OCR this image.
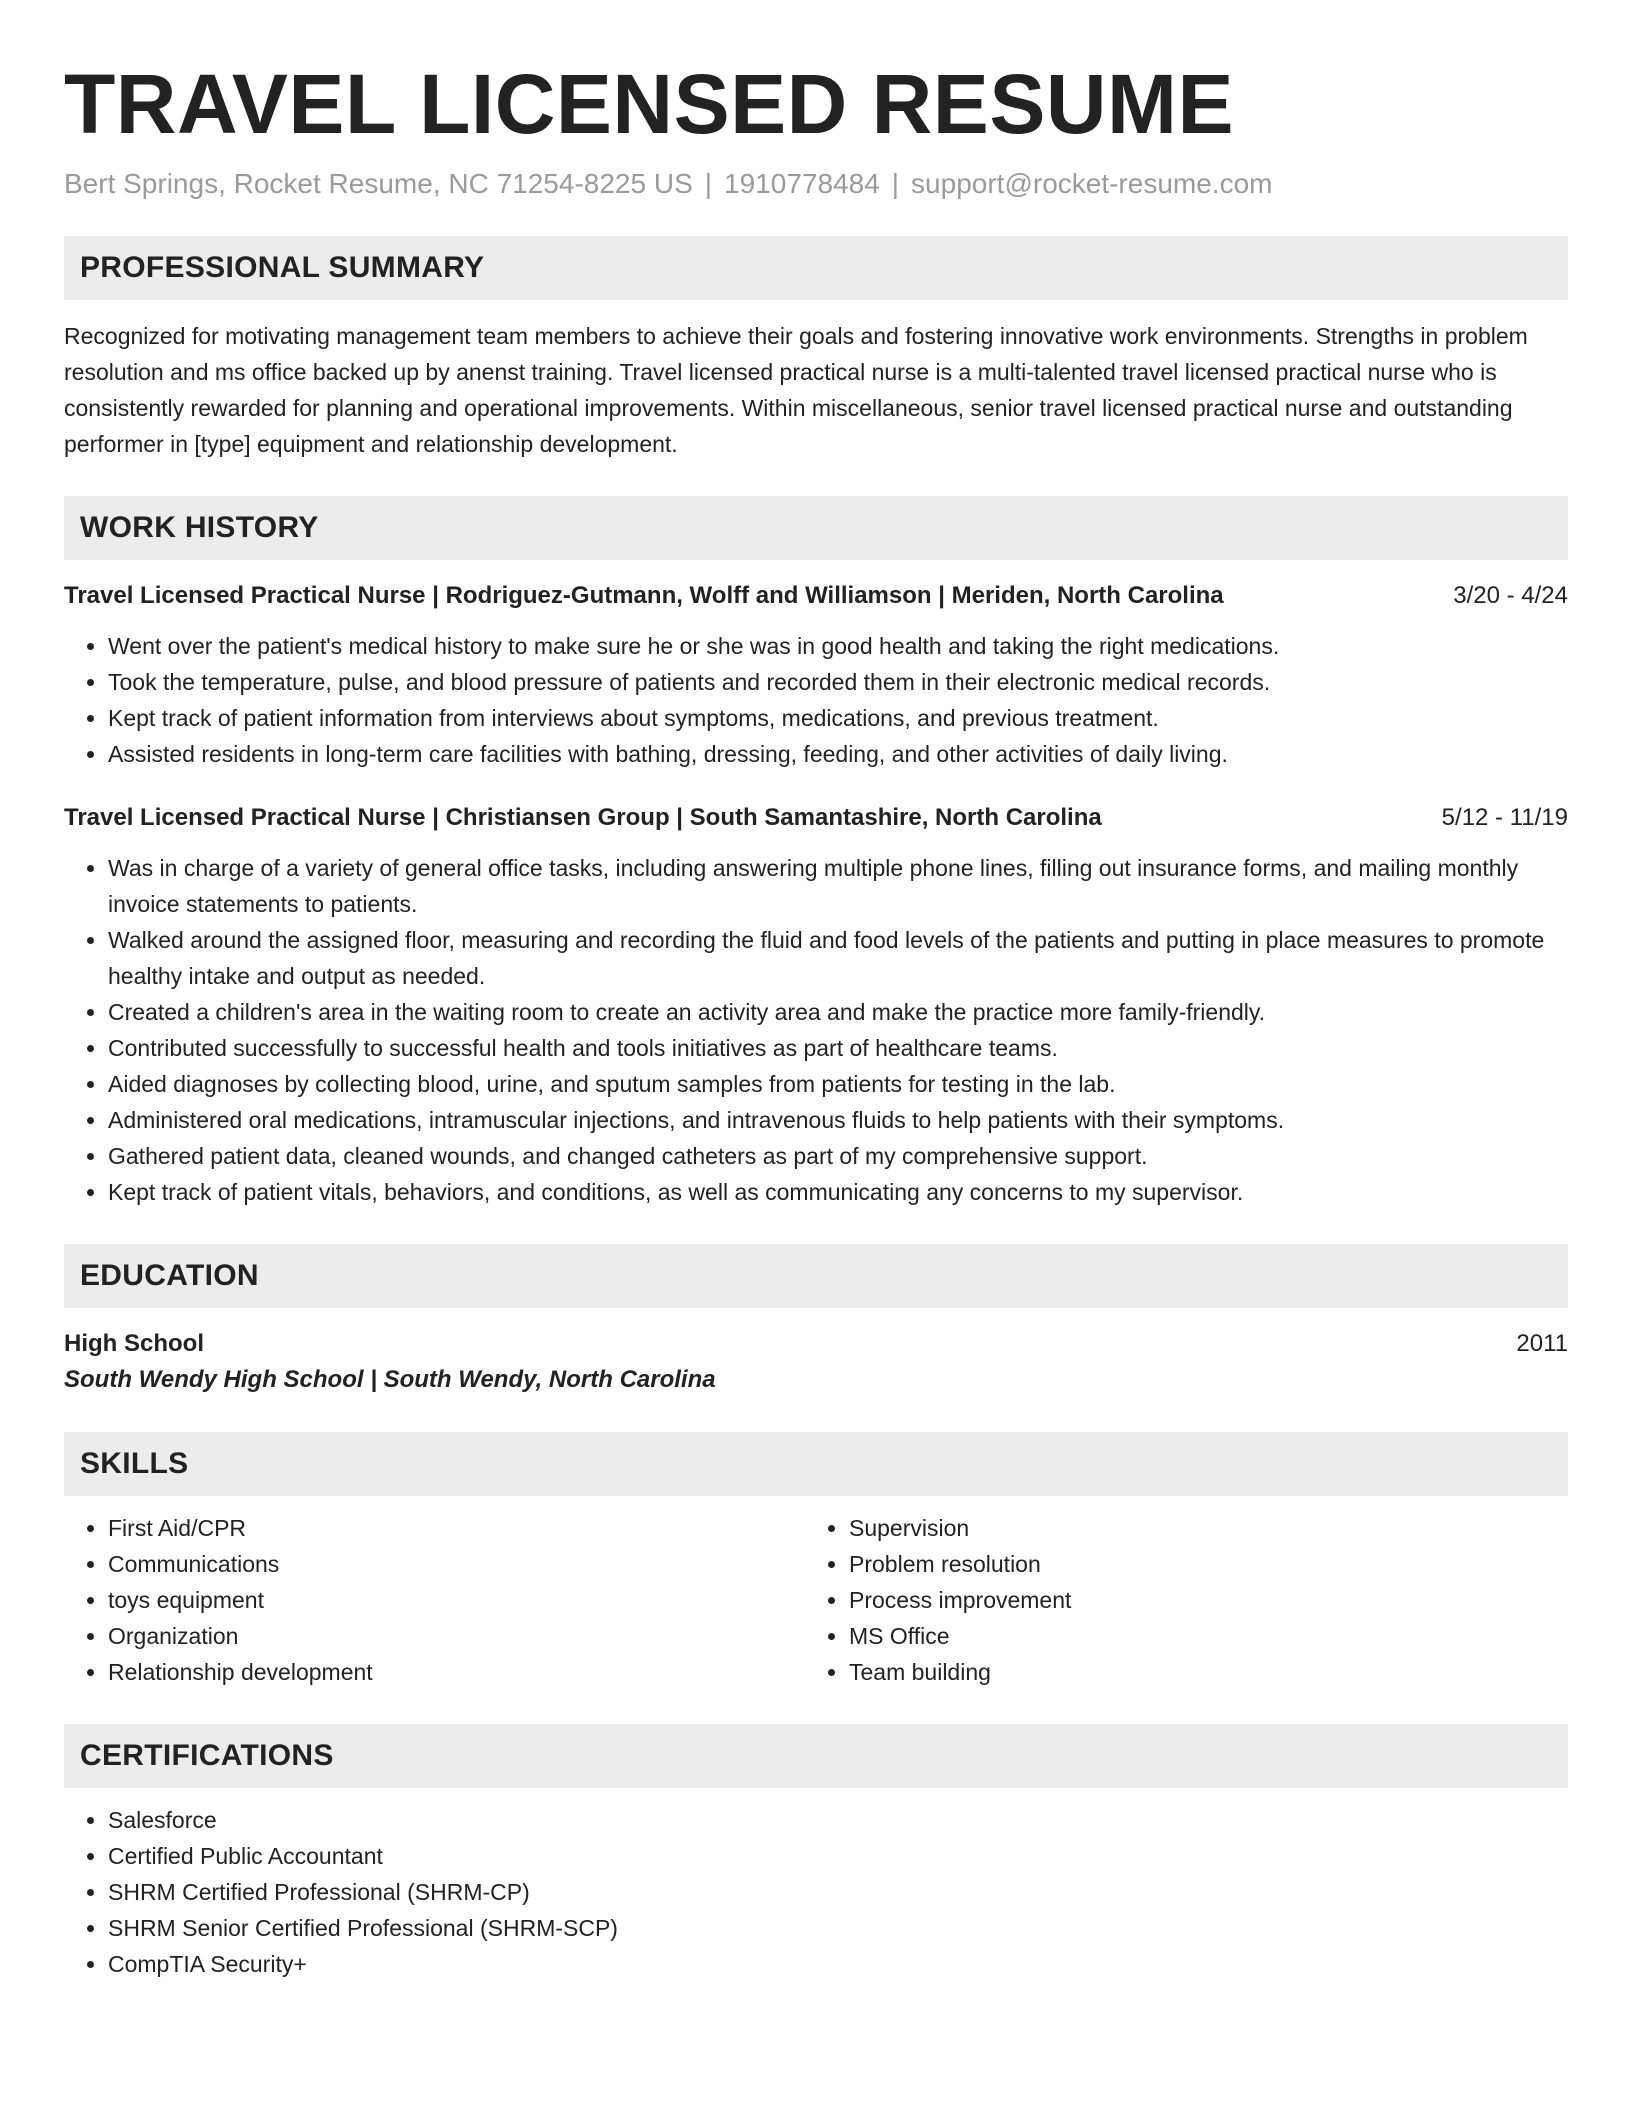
TRAVEL LICENSED RESUME
Bert Springs, Rocket Resume, NC 71254-8225 US | 1910778484 | support@rocket-resume.com
PROFESSIONAL SUMMARY
Recognized for motivating management team members to achieve their goals and fostering innovative work environments. Strengths in problem resolution and ms office backed up by anenst training. Travel licensed practical nurse is a multi-talented travel licensed practical nurse who is consistently rewarded for planning and operational improvements. Within miscellaneous, senior travel licensed practical nurse and outstanding performer in [type] equipment and relationship development.
WORK HISTORY
Travel Licensed Practical Nurse | Rodriguez-Gutmann, Wolff and Williamson | Meriden, North Carolina	3/20 - 4/24
• Went over the patient's medical history to make sure he or she was in good health and taking the right medications.
• Took the temperature, pulse, and blood pressure of patients and recorded them in their electronic medical records.
• Kept track of patient information from interviews about symptoms, medications, and previous treatment.
• Assisted residents in long-term care facilities with bathing, dressing, feeding, and other activities of daily living.
Travel Licensed Practical Nurse | Christiansen Group | South Samantashire, North Carolina	5/12 - 11/19
• Was in charge of a variety of general office tasks, including answering multiple phone lines, filling out insurance forms, and mailing monthly invoice statements to patients.
• Walked around the assigned floor, measuring and recording the fluid and food levels of the patients and putting in place measures to promote healthy intake and output as needed.
• Created a children's area in the waiting room to create an activity area and make the practice more family-friendly.
• Contributed successfully to successful health and tools initiatives as part of healthcare teams.
• Aided diagnoses by collecting blood, urine, and sputum samples from patients for testing in the lab.
• Administered oral medications, intramuscular injections, and intravenous fluids to help patients with their symptoms.
• Gathered patient data, cleaned wounds, and changed catheters as part of my comprehensive support.
• Kept track of patient vitals, behaviors, and conditions, as well as communicating any concerns to my supervisor.
EDUCATION
High School	2011
South Wendy High School | South Wendy, North Carolina
SKILLS
• First Aid/CPR
• Communications
• toys equipment
• Organization
• Relationship development
• Supervision
• Problem resolution
• Process improvement
• MS Office
• Team building
CERTIFICATIONS
• Salesforce
• Certified Public Accountant
• SHRM Certified Professional (SHRM-CP)
• SHRM Senior Certified Professional (SHRM-SCP)
• CompTIA Security+
